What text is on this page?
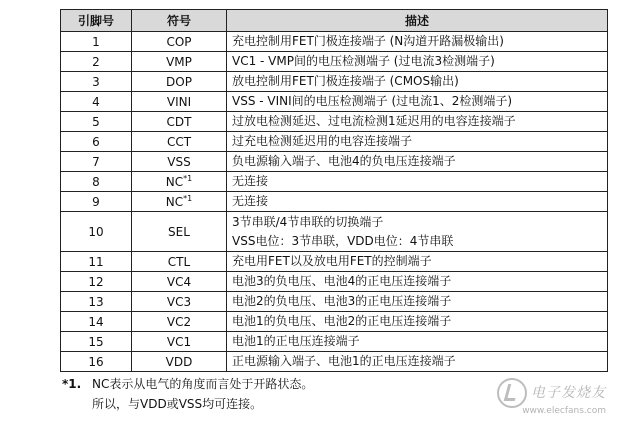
引脚号	符号	描述
1	COP	充电控制用FET门极连接端子 (N沟道开路漏极输出)

2	VMP	VC1 - VMP间的电压检测端子 (过电流3检测端子)

3	DOP	放电控制用FET门极连接端子 (CMOS输出)

4	VINI	VSS - VINI间的电压检测端子 (过电流1、2检测端子)

5	CDT	过放电检测延迟、过电流检测1延迟用的电容连接端子

6	CCT	过充电检测延迟用的电容连接端子

7	VSS	负电源输入端子、电池4的负电压连接端子

8	NC$^{*1}$	无连接

9	NC$^{*1}$	无连接

10	SEL	3节串联/4节串联的切换端子
VSS电位：3节串联，VDD电位：4节串联

11	CTL	充电用FET以及放电用FET的控制端子

12	VC4	电池3的负电压、电池4的正电压连接端子

13	VC3	电池2的负电压、电池3的正电压连接端子

14	VC2	电池1的负电压、电池2的正电压连接端子

15	VC1	电池1的正电压连接端子

16	VDD	正电源输入端子、电池1的正电压连接端子
*1. NC表示从电气的角度而言处于开路状态。
所以，与VDD或VSS均可连接。
电子发烧友
www.elecfans.com
